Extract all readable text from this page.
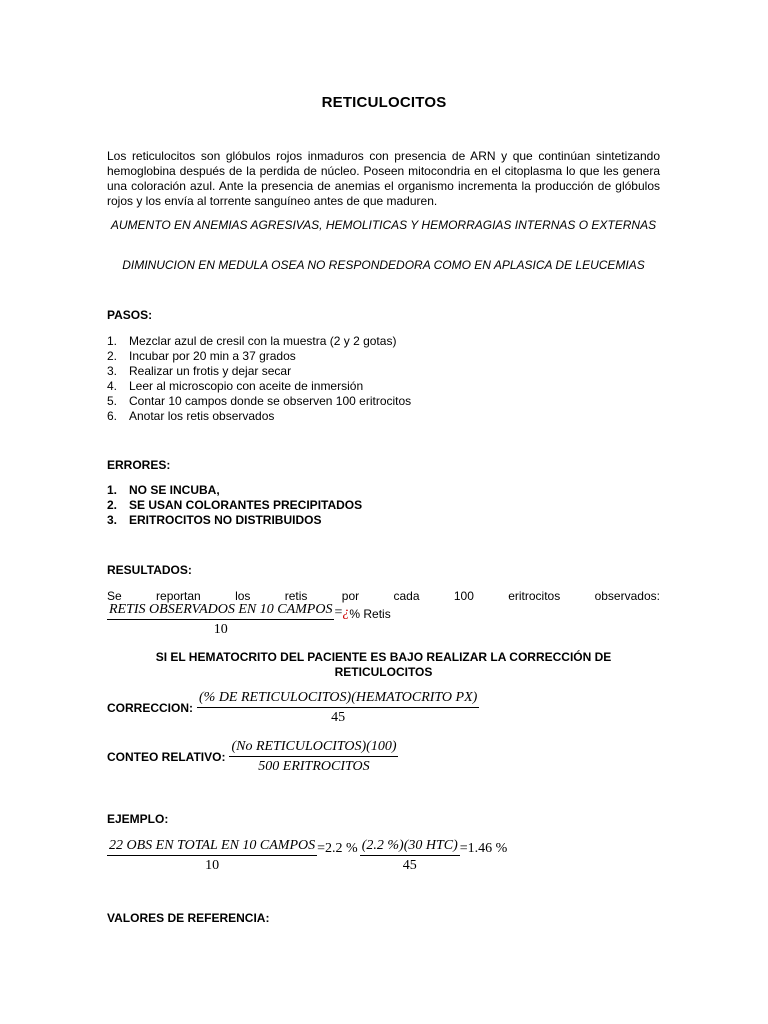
RETICULOCITOS
Los reticulocitos son glóbulos rojos inmaduros con presencia de ARN y que continúan sintetizando hemoglobina después de la perdida de núcleo. Poseen mitocondria en el citoplasma lo que les genera una coloración azul. Ante la presencia de anemias el organismo incrementa la producción de glóbulos rojos y los envía al torrente sanguíneo antes de que maduren.
AUMENTO EN ANEMIAS AGRESIVAS, HEMOLITICAS Y HEMORRAGIAS INTERNAS O EXTERNAS
DIMINUCION EN MEDULA OSEA NO RESPONDEDORA COMO EN APLASICA DE LEUCEMIAS
PASOS:
1. Mezclar azul de cresil con la muestra (2 y 2 gotas)
2. Incubar por 20 min a 37 grados
3. Realizar un frotis y dejar secar
4. Leer al microscopio con aceite de inmersión
5. Contar 10 campos donde se observen 100 eritrocitos
6. Anotar los retis observados
ERRORES:
1. NO SE INCUBA,
2. SE USAN COLORANTES PRECIPITADOS
3. ERITROCITOS NO DISTRIBUIDOS
RESULTADOS:
Se	reportan	los	retis	por	cada	100	eritrocitos	observados:
$\frac{\text{RETIS OBSERVADOS EN 10 CAMPOS}}{10}$ = ¿ % Retis
SI EL HEMATOCRITO DEL PACIENTE ES BAJO REALIZAR LA CORRECCIÓN DE RETICULOCITOS
CORRECCION: $\frac{\text{(\% DE RETICULOCITOS)(HEMATOCRITO PX)}}{45}$
CONTEO RELATIVO: $\frac{\text{(No RETICULOCITOS)(100)}}{\text{500 ERITROCITOS}}$
EJEMPLO:
$\frac{\text{22 OBS EN TOTAL EN 10 CAMPOS}}{10} =2.2$ % $\frac{\text{(2.2 \%)(30 HTC)}}{45} =1.46$ %
VALORES DE REFERENCIA:
